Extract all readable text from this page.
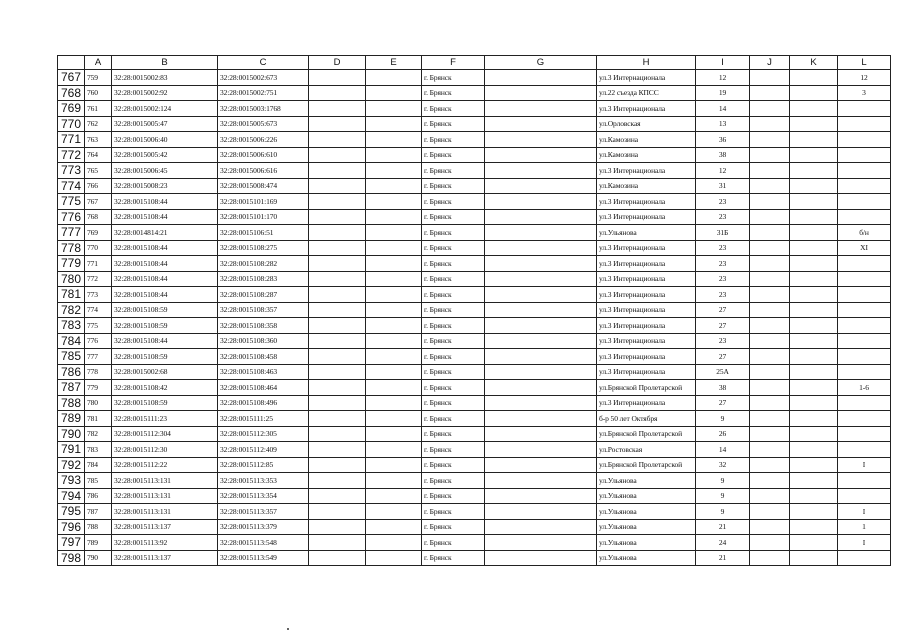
	A	B	C	D	E	F	G	H	I	J	K	L
767	759	32:28:0015002:83	32:28:0015002:673			г. Брянск		ул.3 Интернационала	12			12
768	760	32:28:0015002:92	32:28:0015002:751			г. Брянск		ул.22 съезда КПСС	19			3
769	761	32:28:0015002:124	32:28:0015003:1768			г. Брянск		ул.3 Интернационала	14			
770	762	32:28:0015005:47	32:28:0015005:673			г. Брянск		ул.Орловская	13			
771	763	32:28:0015006:40	32:28:0015006:226			г. Брянск		ул.Камозина	36			
772	764	32:28:0015005:42	32:28:0015006:610			г. Брянск		ул.Камозина	38			
773	765	32:28:0015006:45	32:28:0015006:616			г. Брянск		ул.3 Интернационала	12			
774	766	32:28:0015008:23	32:28:0015008:474			г. Брянск		ул.Камозина	31			
775	767	32:28:0015108:44	32:28:0015101:169			г. Брянск		ул.3 Интернационала	23			
776	768	32:28:0015108:44	32:28:0015101:170			г. Брянск		ул.3 Интернационала	23			
777	769	32:28:0014814:21	32:28:0015106:51			г. Брянск		ул.Ульянова	31Б			б/н
778	770	32:28:0015108:44	32:28:0015108:275			г. Брянск		ул.3 Интернационала	23			XI
779	771	32:28:0015108:44	32:28:0015108:282			г. Брянск		ул.3 Интернационала	23			
780	772	32:28:0015108:44	32:28:0015108:283			г. Брянск		ул.3 Интернационала	23			
781	773	32:28:0015108:44	32:28:0015108:287			г. Брянск		ул.3 Интернационала	23			
782	774	32:28:0015108:59	32:28:0015108:357			г. Брянск		ул.3 Интернационала	27			
783	775	32:28:0015108:59	32:28:0015108:358			г. Брянск		ул.3 Интернационала	27			
784	776	32:28:0015108:44	32:28:0015108:360			г. Брянск		ул.3 Интернационала	23			
785	777	32:28:0015108:59	32:28:0015108:458			г. Брянск		ул.3 Интернационала	27			
786	778	32:28:0015002:68	32:28:0015108:463			г. Брянск		ул.3 Интернационала	25А			
787	779	32:28:0015108:42	32:28:0015108:464			г. Брянск		ул.Брянской Пролетарской	38			1-6
788	780	32:28:0015108:59	32:28:0015108:496			г. Брянск		ул.3 Интернационала	27			
789	781	32:28:0015111:23	32:28:0015111:25			г. Брянск		б-р 50 лет Октября	9			
790	782	32:28:0015112:304	32:28:0015112:305			г. Брянск		ул.Брянской Пролетарской	26			
791	783	32:28:0015112:30	32:28:0015112:409			г. Брянск		ул.Ростовская	14			
792	784	32:28:0015112:22	32:28:0015112:85			г. Брянск		ул.Брянской Пролетарской	32			I
793	785	32:28:0015113:131	32:28:0015113:353			г. Брянск		ул.Ульянова	9			
794	786	32:28:0015113:131	32:28:0015113:354			г. Брянск		ул.Ульянова	9			
795	787	32:28:0015113:131	32:28:0015113:357			г. Брянск		ул.Ульянова	9			I
796	788	32:28:0015113:137	32:28:0015113:379			г. Брянск		ул.Ульянова	21			1
797	789	32:28:0015113:92	32:28:0015113:548			г. Брянск		ул.Ульянова	24			I
798	790	32:28:0015113:137	32:28:0015113:549			г. Брянск		ул.Ульянова	21			
